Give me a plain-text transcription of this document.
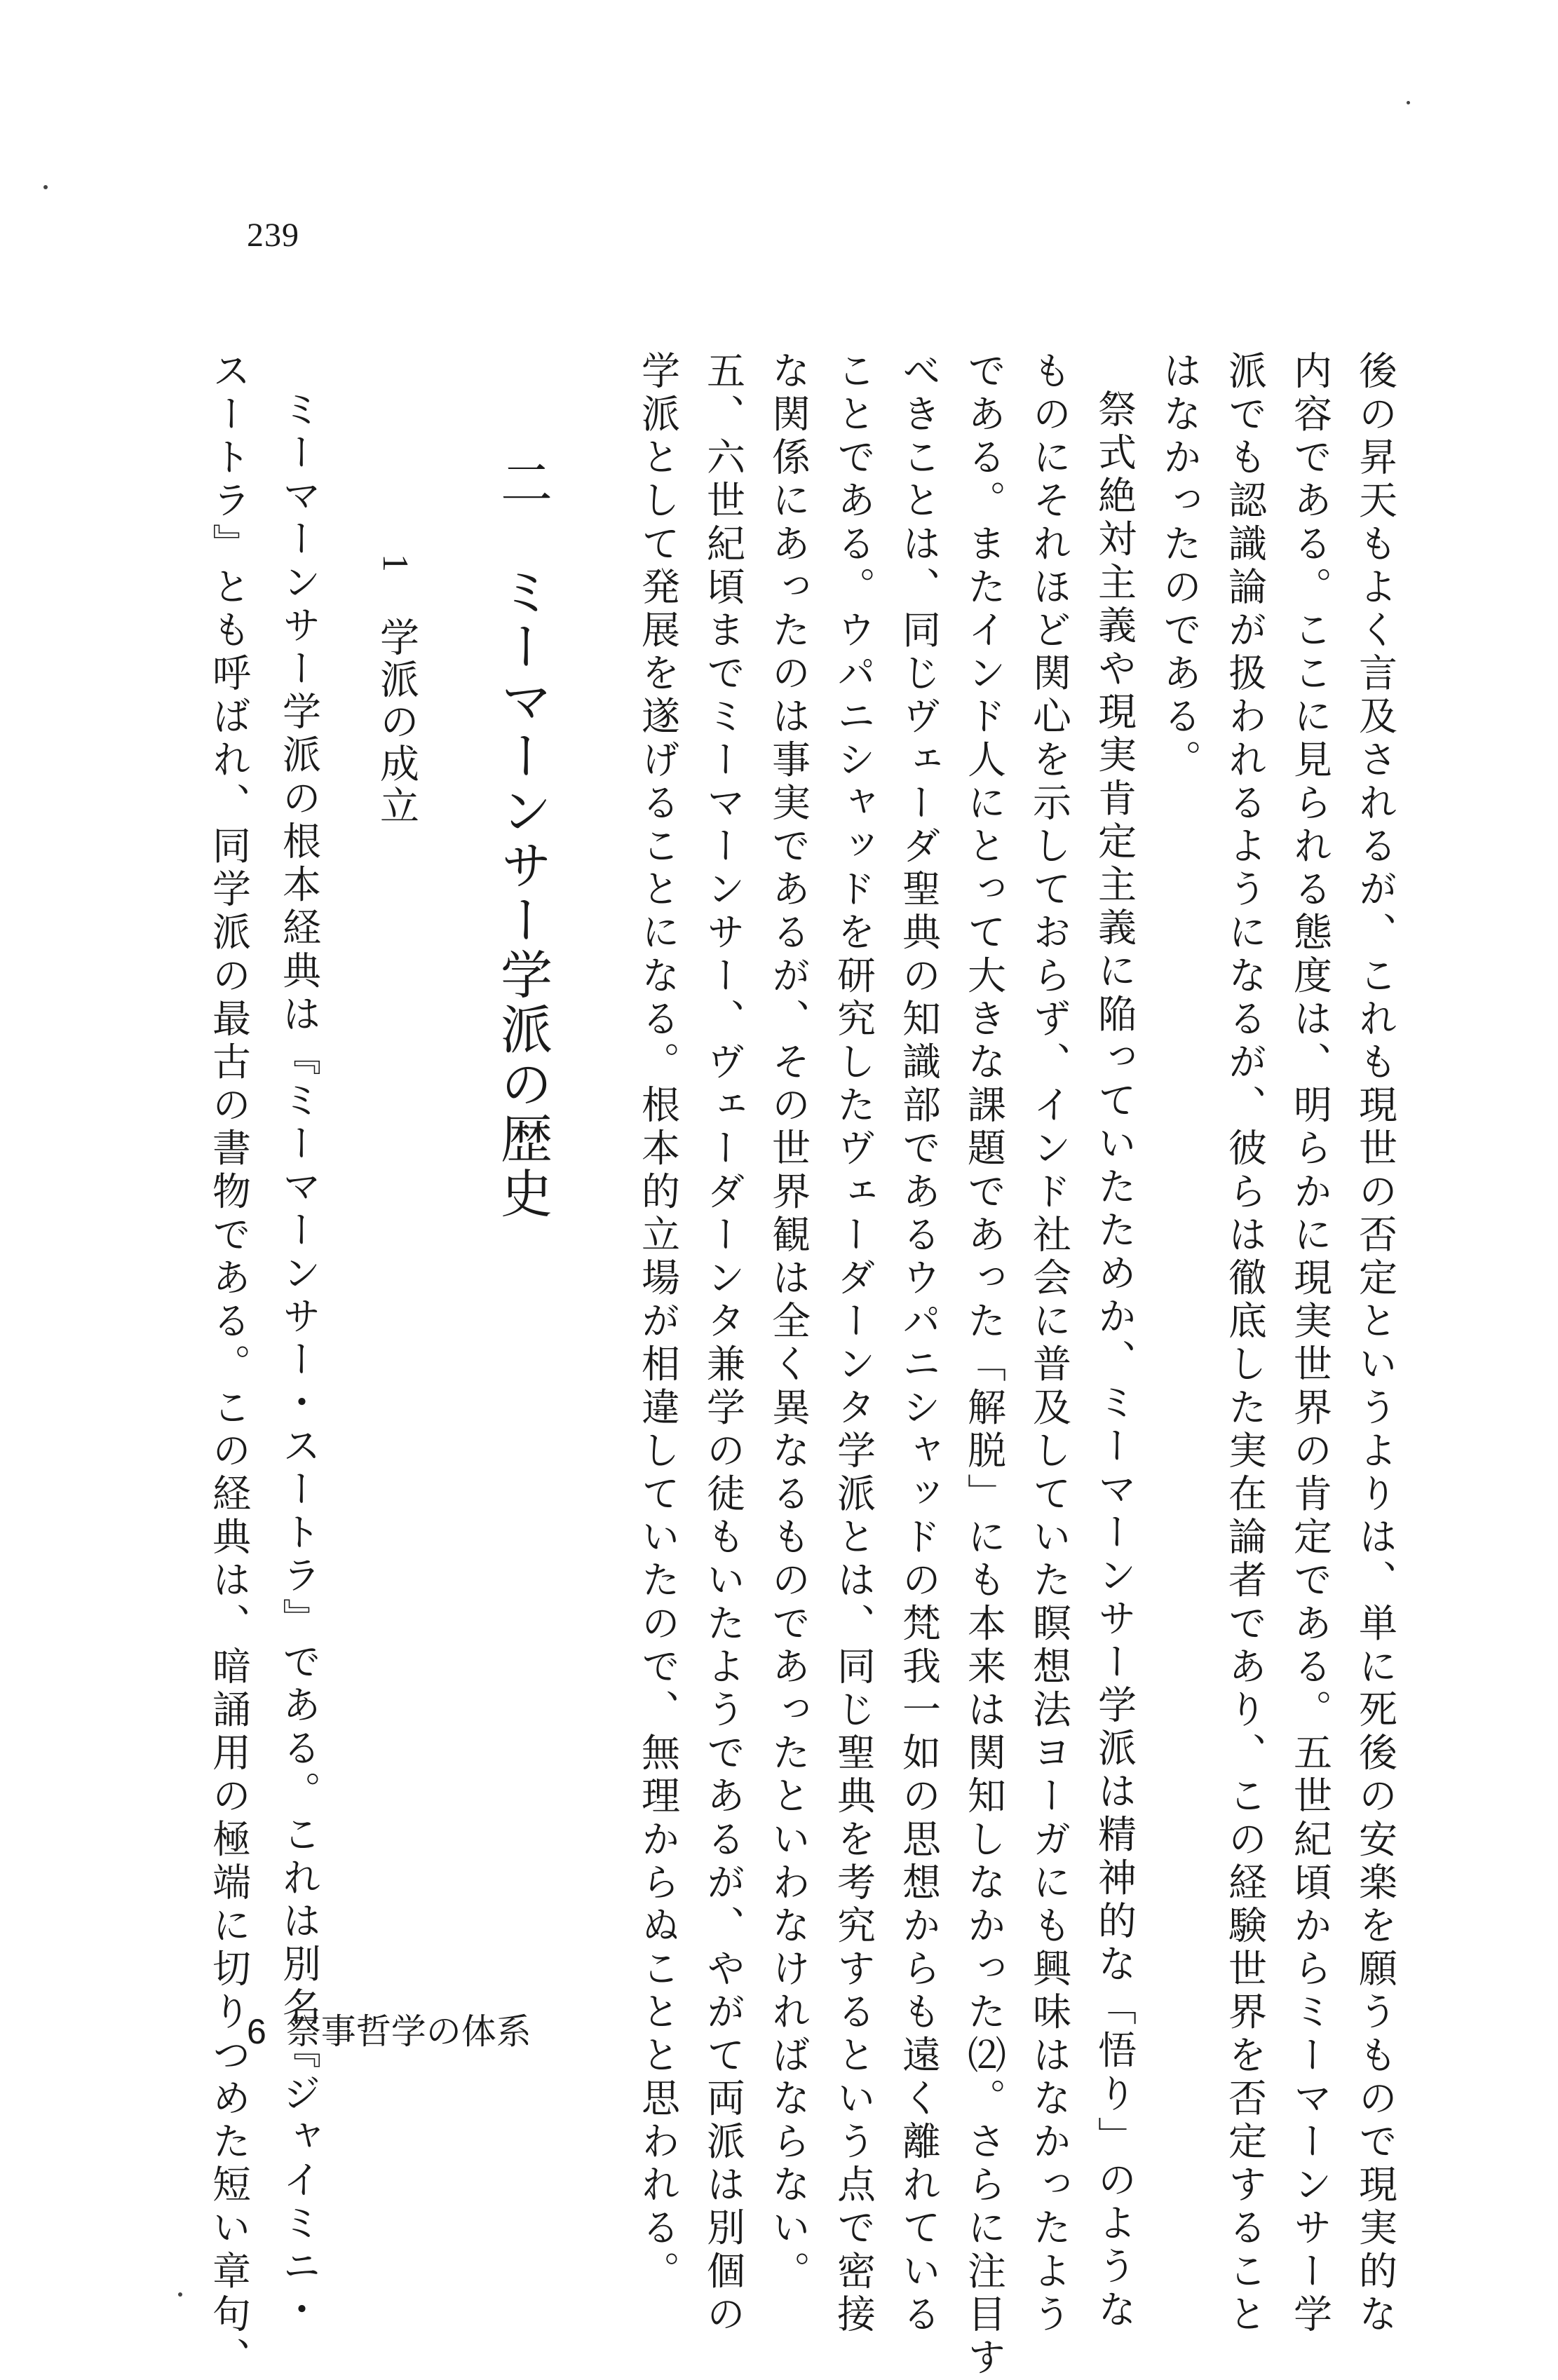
239
後の昇天もよく言及されるが、これも現世の否定というよりは、単に死後の安楽を願うもので現実的な
内容である。ここに見られる態度は、明らかに現実世界の肯定である。五世紀頃からミーマーンサー学
派でも認識論が扱われるようになるが、彼らは徹底した実在論者であり、この経験世界を否定すること
はなかったのである。
祭式絶対主義や現実肯定主義に陥っていたためか、ミーマーンサー学派は精神的な「悟り」のような
ものにそれほど関心を示しておらず、インド社会に普及していた瞑想法ヨーガにも興味はなかったよう
である。またインド人にとって大きな課題であった「解脱」にも本来は関知しなかった⑵。さらに注目す
べきことは、同じヴェーダ聖典の知識部であるウパニシャッドの梵我一如の思想からも遠く離れている
ことである。ウパニシャッドを研究したヴェーダーンタ学派とは、同じ聖典を考究するという点で密接
な関係にあったのは事実であるが、その世界観は全く異なるものであったといわなければならない。
五、六世紀頃までミーマーンサー、ヴェーダーンタ兼学の徒もいたようであるが、やがて両派は別個の
学派として発展を遂げることになる。根本的立場が相違していたので、無理からぬことと思われる。
二　ミーマーンサー学派の歴史
1
学派の成立
ミーマーンサー学派の根本経典は『ミーマーンサー・スートラ』である。これは別名『ジャイミニ・
スートラ』とも呼ばれ、同学派の最古の書物である。この経典は、暗誦用の極端に切りつめた短い章句、
6 祭事哲学の体系
